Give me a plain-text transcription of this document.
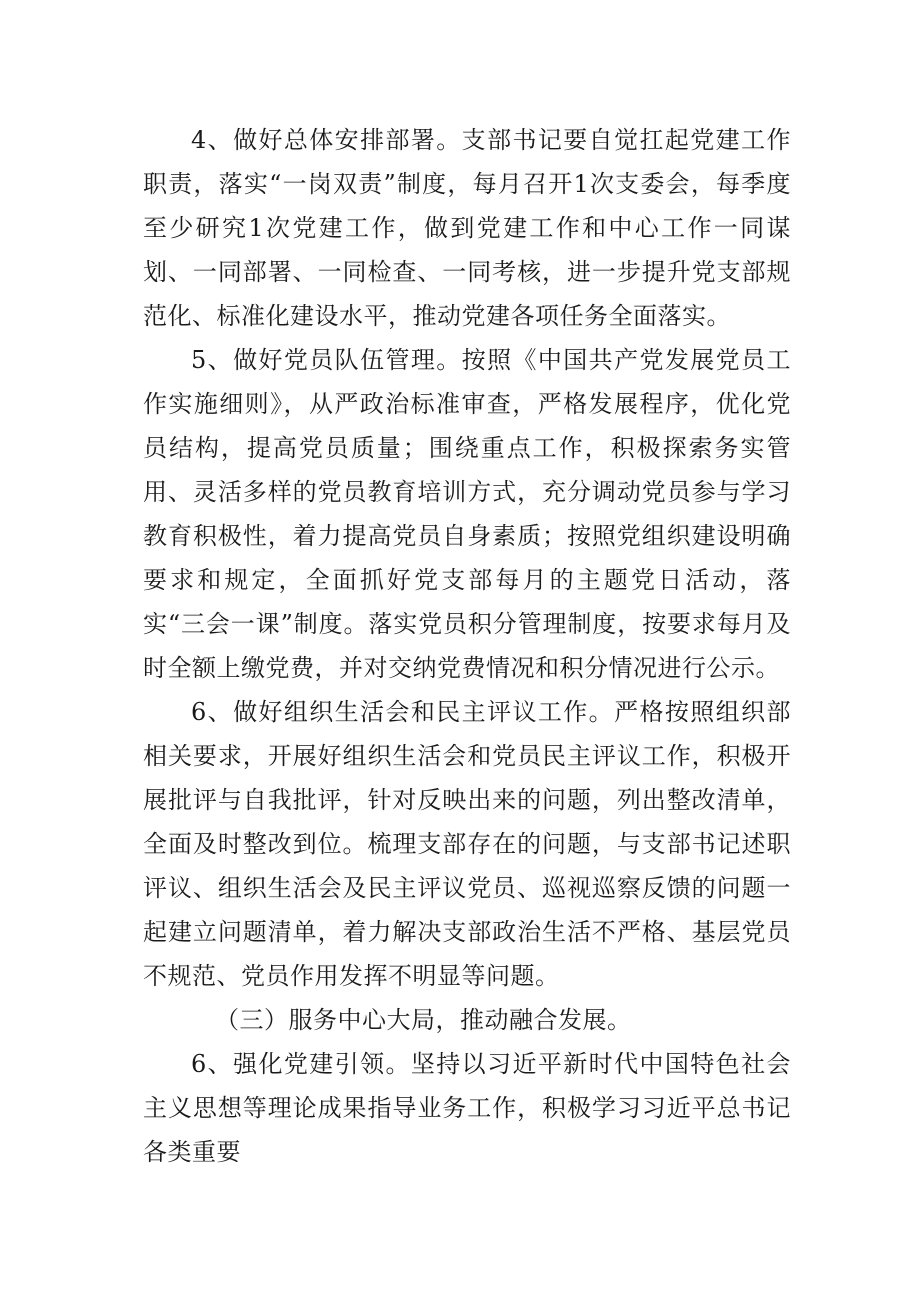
4、做好总体安排部署。支部书记要自觉扛起党建工作职责，落实“一岗双责”制度，每月召开1次支委会，每季度至少研究1次党建工作，做到党建工作和中心工作一同谋划、一同部署、一同检查、一同考核，进一步提升党支部规范化、标准化建设水平，推动党建各项任务全面落实。

5、做好党员队伍管理。按照《中国共产党发展党员工作实施细则》，从严政治标准审查，严格发展程序，优化党员结构，提高党员质量；围绕重点工作，积极探索务实管用、灵活多样的党员教育培训方式，充分调动党员参与学习教育积极性，着力提高党员自身素质；按照党组织建设明确要求和规定，全面抓好党支部每月的主题党日活动，落实“三会一课”制度。落实党员积分管理制度，按要求每月及时全额上缴党费，并对交纳党费情况和积分情况进行公示。

6、做好组织生活会和民主评议工作。严格按照组织部相关要求，开展好组织生活会和党员民主评议工作，积极开展批评与自我批评，针对反映出来的问题，列出整改清单，全面及时整改到位。梳理支部存在的问题，与支部书记述职评议、组织生活会及民主评议党员、巡视巡察反馈的问题一起建立问题清单，着力解决支部政治生活不严格、基层党员不规范、党员作用发挥不明显等问题。

（三）服务中心大局，推动融合发展。

6、强化党建引领。坚持以习近平新时代中国特色社会主义思想等理论成果指导业务工作，积极学习习近平总书记各类重要
